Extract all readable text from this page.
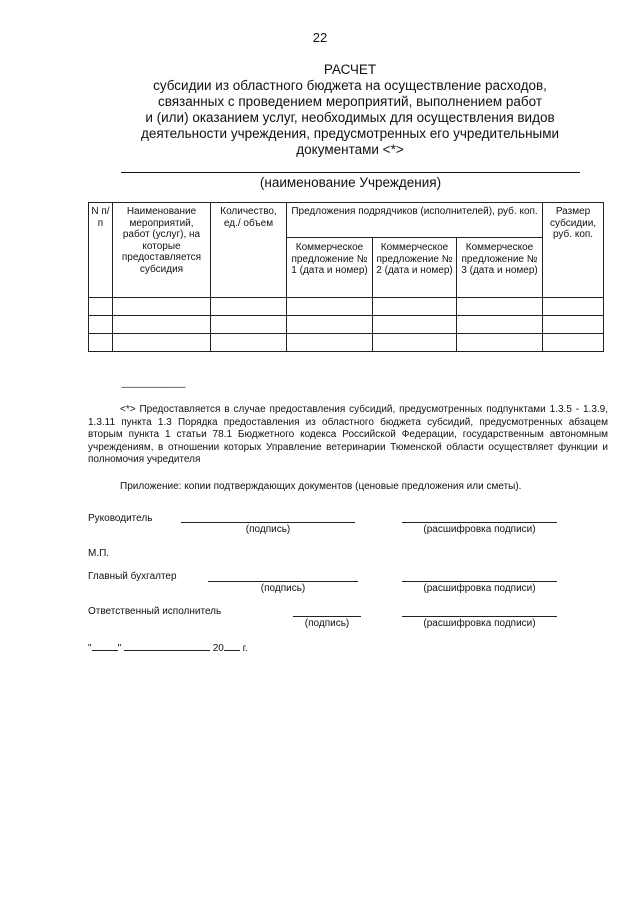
22
РАСЧЕТ
субсидии из областного бюджета на осуществление расходов,
связанных с проведением мероприятий, выполнением работ
и (или) оказанием услуг, необходимых для осуществления видов
деятельности учреждения, предусмотренных его учредительными
документами <*>
(наименование Учреждения)
N п/п	Наименование мероприятий, работ (услуг), на которые предоставляется субсидия	Количество, ед./ объем	Предложения подрядчиков (исполнителей), руб. коп.			Размер субсидии, руб. коп.
			Коммерческое предложение № 1 (дата и номер)	Коммерческое предложение № 2 (дата и номер)	Коммерческое предложение № 3 (дата и номер)	

--------------------------------
<*> Предоставляется в случае предоставления субсидий, предусмотренных подпунктами 1.3.5 - 1.3.9, 1.3.11 пункта 1.3 Порядка предоставления из областного бюджета субсидий, предусмотренных абзацем вторым пункта 1 статьи 78.1 Бюджетного кодекса Российской Федерации, государственным автономным учреждениям, в отношении которых Управление ветеринарии Тюменской области осуществляет функции и полномочия учредителя
Приложение: копии подтверждающих документов (ценовые предложения или сметы).
Руководитель
(подпись)	(расшифровка подписи)
М.П.
Главный бухгалтер
(подпись)	(расшифровка подписи)
Ответственный исполнитель
(подпись)	(расшифровка подписи)
"	"	20 г.
